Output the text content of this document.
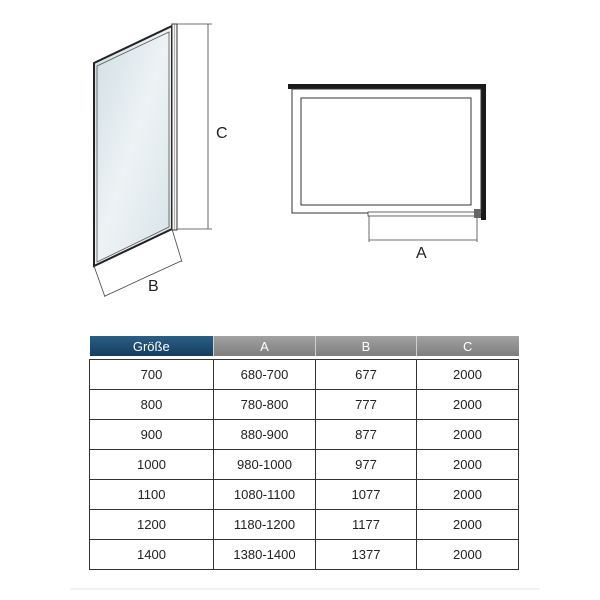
C
B
A
Größe	A	B	C

700	680-700	677	2000
800	780-800	777	2000
900	880-900	877	2000
1000	980-1000	977	2000
1100	1080-1100	1077	2000
1200	1180-1200	1177	2000
1400	1380-1400	1377	2000
